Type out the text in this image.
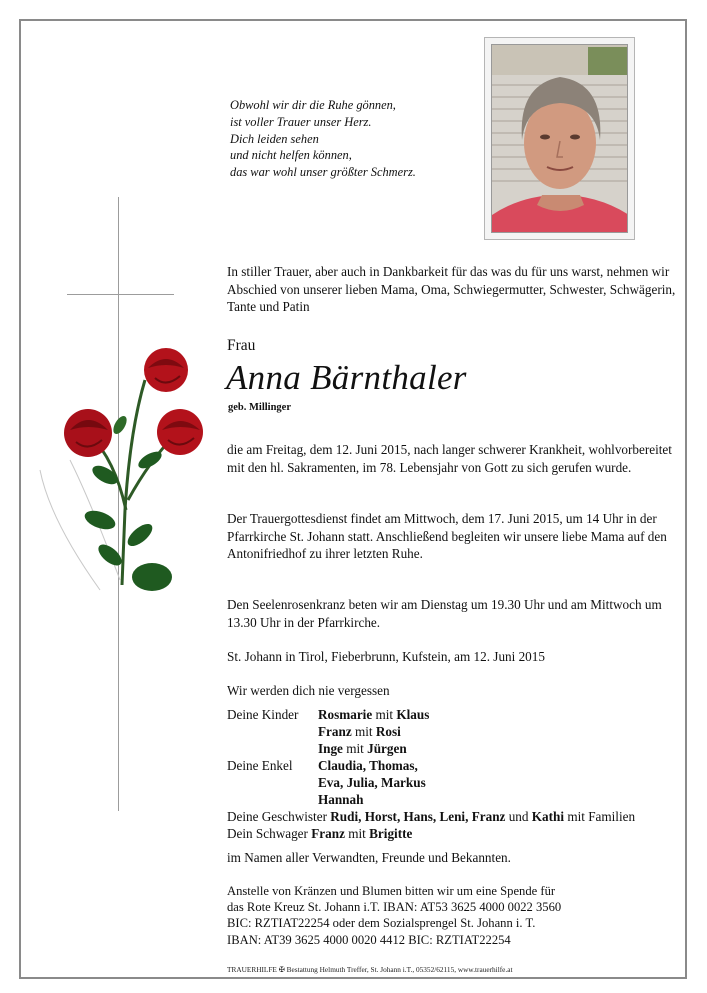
Obwohl wir dir die Ruhe gönnen,
ist voller Trauer unser Herz.
Dich leiden sehen
und nicht helfen können,
das war wohl unser größter Schmerz.
In stiller Trauer, aber auch in Dankbarkeit für das was du für uns warst, nehmen wir Abschied von unserer lieben Mama, Oma, Schwiegermutter, Schwester, Schwägerin, Tante und Patin
Frau
Anna Bärnthaler
geb. Millinger
die am Freitag, dem 12. Juni 2015, nach langer schwerer Krankheit, wohlvorbereitet mit den hl. Sakramenten, im 78. Lebensjahr von Gott zu sich gerufen wurde.
Der Trauergottesdienst findet am Mittwoch, dem 17. Juni 2015, um 14 Uhr in der Pfarrkirche St. Johann statt. Anschließend begleiten wir unsere liebe Mama auf den Antonifriedhof zu ihrer letzten Ruhe.
Den Seelenrosenkranz beten wir am Dienstag um 19.30 Uhr und am Mittwoch um 13.30 Uhr in der Pfarrkirche.
St. Johann in Tirol, Fieberbrunn, Kufstein, am 12. Juni 2015
Wir werden dich nie vergessen
Deine Kinder	Rosmarie mit Klaus
Franz mit Rosi
Inge mit Jürgen
Deine Enkel	Claudia, Thomas,
Eva, Julia, Markus
Hannah
Deine Geschwister
Rudi, Horst, Hans, Leni, Franz und Kathi mit Familien
Dein Schwager
Franz mit Brigitte
im Namen aller Verwandten, Freunde und Bekannten.
Anstelle von Kränzen und Blumen bitten wir um eine Spende für
das Rote Kreuz St. Johann i.T. IBAN: AT53 3625 4000 0022 3560
BIC: RZTIAT22254 oder dem Sozialsprengel St. Johann i. T.
IBAN: AT39 3625 4000 0020 4412 BIC: RZTIAT22254
TRAUERHILFE ✠ Bestattung Helmuth Treffer, St. Johann i.T., 05352/62115, www.trauerhilfe.at
